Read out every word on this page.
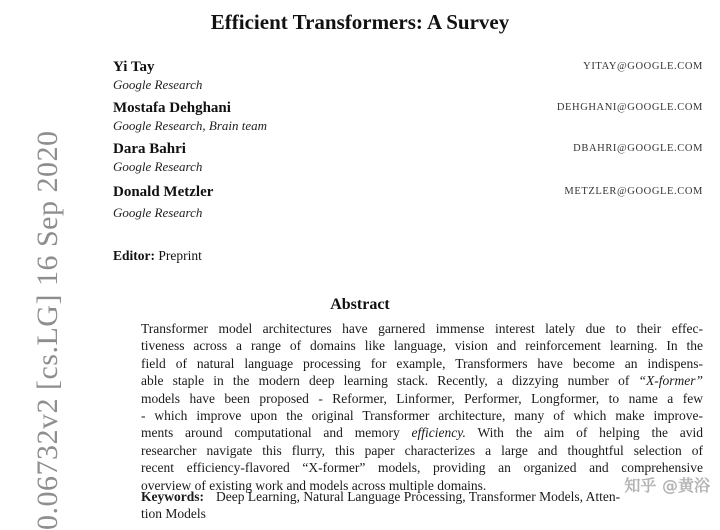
0.06732v2 [cs.LG] 16 Sep 2020
Efficient Transformers: A Survey
Yi Tay
Google Research
YITAY@GOOGLE.COM
Mostafa Dehghani
Google Research, Brain team
DEHGHANI@GOOGLE.COM
Dara Bahri
Google Research
DBAHRI@GOOGLE.COM
Donald Metzler
Google Research
METZLER@GOOGLE.COM
Editor: Preprint
Abstract
Transformer model architectures have garnered immense interest lately due to their effec-
tiveness across a range of domains like language, vision and reinforcement learning. In the
field of natural language processing for example, Transformers have become an indispens-
able staple in the modern deep learning stack. Recently, a dizzying number of “X-former”
models have been proposed - Reformer, Linformer, Performer, Longformer, to name a few
- which improve upon the original Transformer architecture, many of which make improve-
ments around computational and memory efficiency. With the aim of helping the avid
researcher navigate this flurry, this paper characterizes a large and thoughtful selection of
recent efficiency-flavored “X-former” models, providing an organized and comprehensive
overview of existing work and models across multiple domains.
Keywords: Deep Learning, Natural Language Processing, Transformer Models, Atten-
tion Models
知乎 @黄浴
